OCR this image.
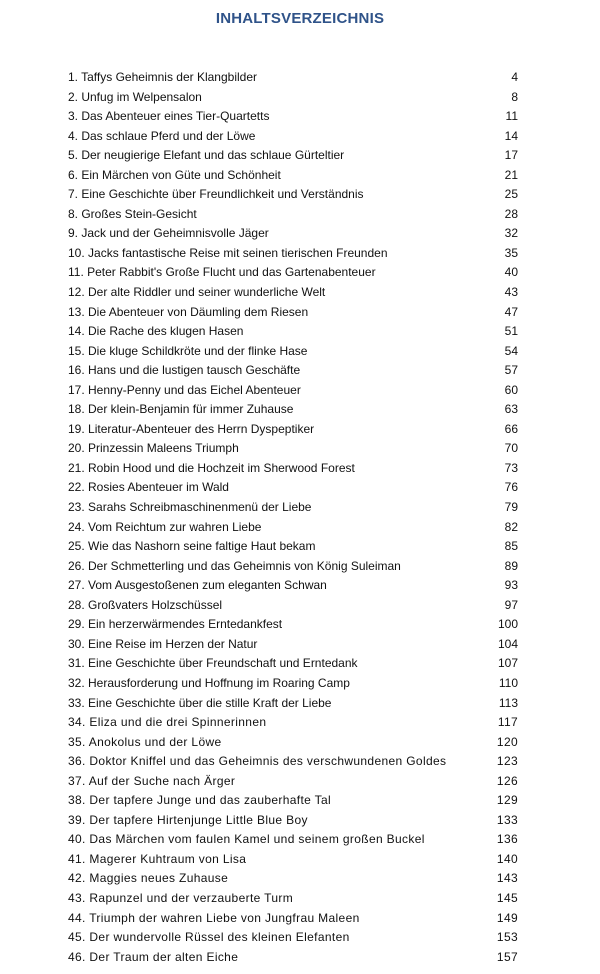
INHALTSVERZEICHNIS
1. Taffys Geheimnis der Klangbilder	4
2. Unfug im Welpensalon	8
3. Das Abenteuer eines Tier-Quartetts	11
4. Das schlaue Pferd und der Löwe	14
5. Der neugierige Elefant und das schlaue Gürteltier	17
6. Ein Märchen von Güte und Schönheit	21
7. Eine Geschichte über Freundlichkeit und Verständnis	25
8. Großes Stein-Gesicht	28
9. Jack und der Geheimnisvolle Jäger	32
10. Jacks fantastische Reise mit seinen tierischen Freunden	35
11. Peter Rabbit's Große Flucht und das Gartenabenteuer	40
12. Der alte Riddler und seiner wunderliche Welt	43
13. Die Abenteuer von Däumling dem Riesen	47
14. Die Rache des klugen Hasen	51
15. Die kluge Schildkröte und der flinke Hase	54
16. Hans und die lustigen tausch Geschäfte	57
17. Henny-Penny und das Eichel Abenteuer	60
18. Der klein-Benjamin für immer Zuhause	63
19. Literatur-Abenteuer des Herrn Dyspeptiker	66
20. Prinzessin Maleens Triumph	70
21. Robin Hood und die Hochzeit im Sherwood Forest	73
22. Rosies Abenteuer im Wald	76
23. Sarahs Schreibmaschinenmenü der Liebe	79
24. Vom Reichtum zur wahren Liebe	82
25. Wie das Nashorn seine faltige Haut bekam	85
26. Der Schmetterling und das Geheimnis von König Suleiman	89
27. Vom Ausgestoßenen zum eleganten Schwan	93
28. Großvaters Holzschüssel	97
29. Ein herzerwärmendes Erntedankfest	100
30. Eine Reise im Herzen der Natur	104
31. Eine Geschichte über Freundschaft und Erntedank	107
32. Herausforderung und Hoffnung im Roaring Camp	110
33. Eine Geschichte über die stille Kraft der Liebe	113
34. Eliza und die drei Spinnerinnen	117
35. Anokolus und der Löwe	120
36. Doktor Kniffel und das Geheimnis des verschwundenen Goldes	123
37. Auf der Suche nach Ärger	126
38. Der tapfere Junge und das zauberhafte Tal	129
39. Der tapfere Hirtenjunge Little Blue Boy	133
40. Das Märchen vom faulen Kamel und seinem großen Buckel	136
41. Magerer Kuhtraum von Lisa	140
42. Maggies neues Zuhause	143
43. Rapunzel und der verzauberte Turm	145
44. Triumph der wahren Liebe von Jungfrau Maleen	149
45. Der wundervolle Rüssel des kleinen Elefanten	153
46. Der Traum der alten Eiche	157
